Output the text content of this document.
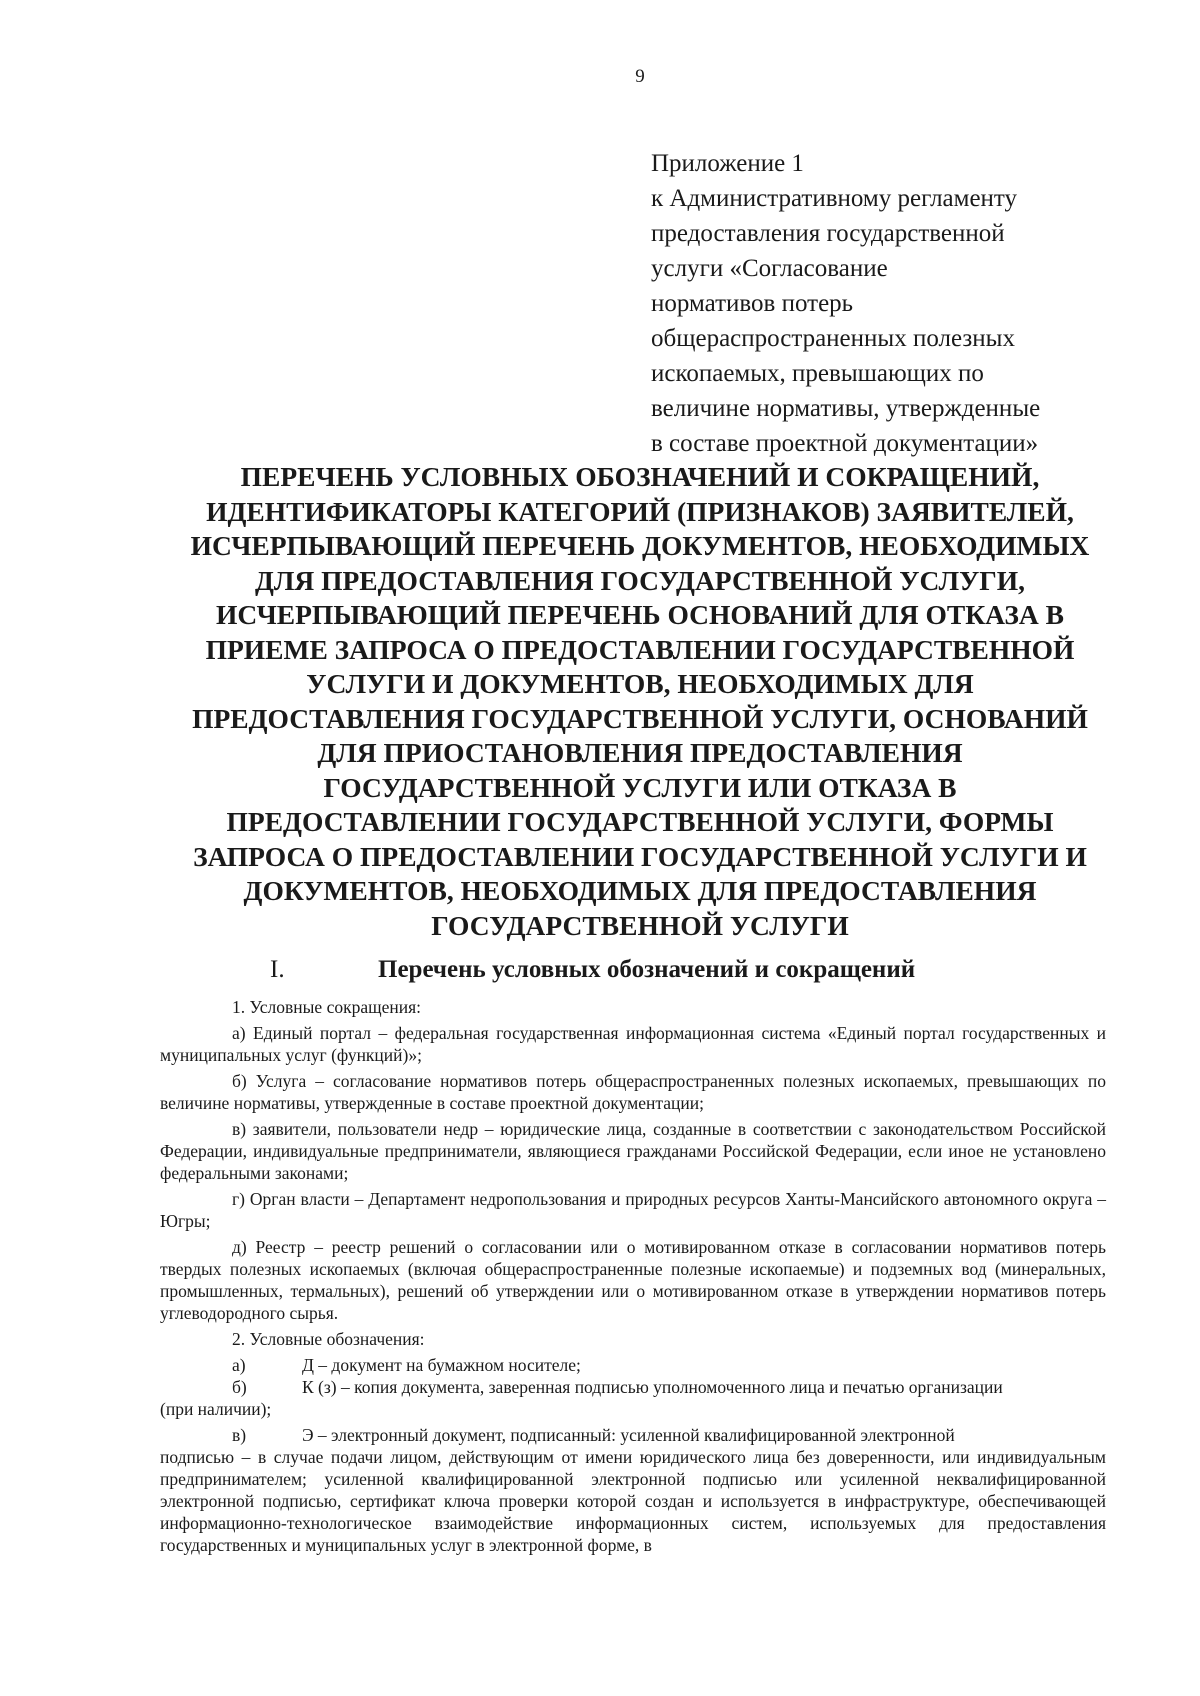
9
Приложение 1
к Административному регламенту
предоставления государственной
услуги «Согласование
нормативов потерь
общераспространенных полезных
ископаемых, превышающих по
величине нормативы, утвержденные
в составе проектной документации»
ПЕРЕЧЕНЬ УСЛОВНЫХ ОБОЗНАЧЕНИЙ И СОКРАЩЕНИЙ,
ИДЕНТИФИКАТОРЫ КАТЕГОРИЙ (ПРИЗНАКОВ) ЗАЯВИТЕЛЕЙ,
ИСЧЕРПЫВАЮЩИЙ ПЕРЕЧЕНЬ ДОКУМЕНТОВ, НЕОБХОДИМЫХ
ДЛЯ ПРЕДОСТАВЛЕНИЯ ГОСУДАРСТВЕННОЙ УСЛУГИ,
ИСЧЕРПЫВАЮЩИЙ ПЕРЕЧЕНЬ ОСНОВАНИЙ ДЛЯ ОТКАЗА В
ПРИЕМЕ ЗАПРОСА О ПРЕДОСТАВЛЕНИИ ГОСУДАРСТВЕННОЙ
УСЛУГИ И ДОКУМЕНТОВ, НЕОБХОДИМЫХ ДЛЯ
ПРЕДОСТАВЛЕНИЯ ГОСУДАРСТВЕННОЙ УСЛУГИ, ОСНОВАНИЙ
ДЛЯ ПРИОСТАНОВЛЕНИЯ ПРЕДОСТАВЛЕНИЯ
ГОСУДАРСТВЕННОЙ УСЛУГИ ИЛИ ОТКАЗА В
ПРЕДОСТАВЛЕНИИ ГОСУДАРСТВЕННОЙ УСЛУГИ, ФОРМЫ
ЗАПРОСА О ПРЕДОСТАВЛЕНИИ ГОСУДАРСТВЕННОЙ УСЛУГИ И
ДОКУМЕНТОВ, НЕОБХОДИМЫХ ДЛЯ ПРЕДОСТАВЛЕНИЯ
ГОСУДАРСТВЕННОЙ УСЛУГИ
I.	Перечень условных обозначений и сокращений

1. Условные сокращения:

а) Единый портал – федеральная государственная информационная система «Единый портал государственных и муниципальных услуг (функций)»;

б) Услуга – согласование нормативов потерь общераспространенных полезных ископаемых, превышающих по величине нормативы, утвержденные в составе проектной документации;

в) заявители, пользователи недр – юридические лица, созданные в соответствии с законодательством Российской Федерации, индивидуальные предприниматели, являющиеся гражданами Российской Федерации, если иное не установлено федеральными законами;

г) Орган власти – Департамент недропользования и природных ресурсов Ханты-Мансийского автономного округа – Югры;

д) Реестр – реестр решений о согласовании или о мотивированном отказе в согласовании нормативов потерь твердых полезных ископаемых (включая общераспространенные полезные ископаемые) и подземных вод (минеральных, промышленных, термальных), решений об утверждении или о мотивированном отказе в утверждении нормативов потерь углеводородного сырья.

2. Условные обозначения:

а)	Д – документ на бумажном носителе;
б)	К (з) – копия документа, заверенная подписью уполномоченного лица и печатью организации

(при наличии);

в)	Э – электронный документ, подписанный: усиленной квалифицированной электронной

подписью – в случае подачи лицом, действующим от имени юридического лица без доверенности, или индивидуальным предпринимателем; усиленной квалифицированной электронной подписью или усиленной неквалифицированной электронной подписью, сертификат ключа проверки которой создан и используется в инфраструктуре, обеспечивающей информационно-технологическое взаимодействие информационных систем, используемых для предоставления государственных и муниципальных услуг в электронной форме, в
